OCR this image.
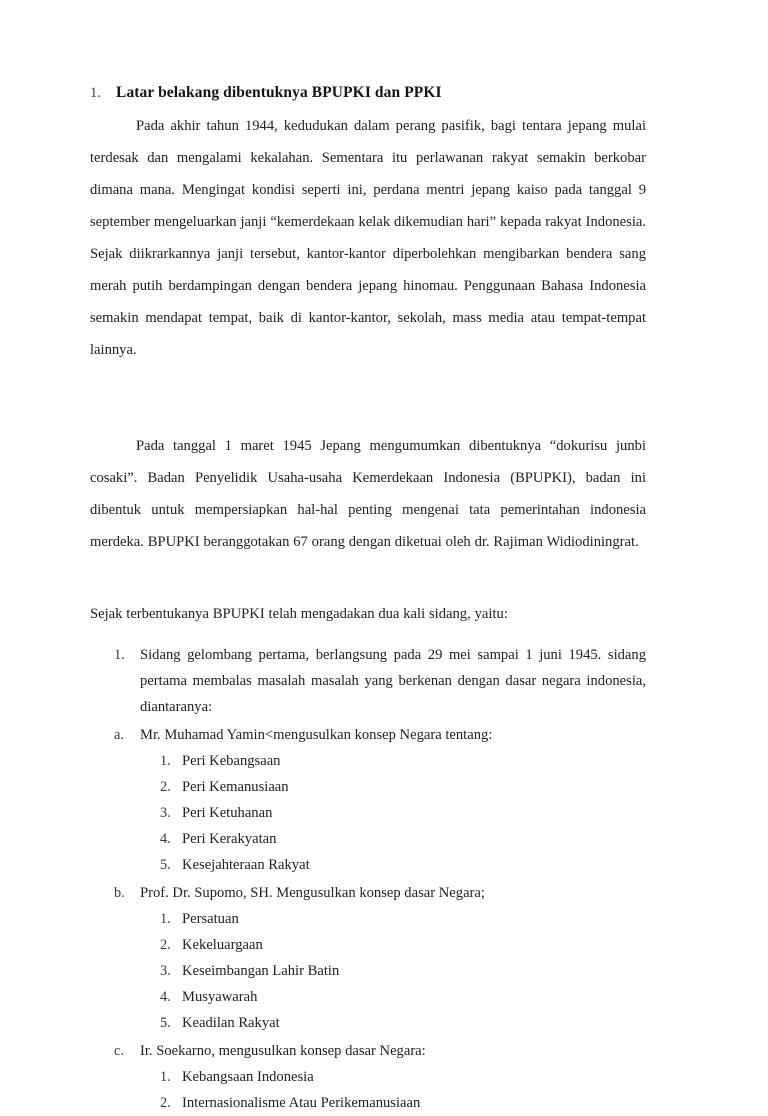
1. Latar belakang dibentuknya BPUPKI dan PPKI

Pada akhir tahun 1944, kedudukan dalam perang pasifik, bagi tentara jepang mulai terdesak dan mengalami kekalahan. Sementara itu perlawanan rakyat semakin berkobar dimana mana. Mengingat kondisi seperti ini, perdana mentri jepang kaiso pada tanggal 9 september mengeluarkan janji “kemerdekaan kelak dikemudian hari” kepada rakyat Indonesia. Sejak diikrarkannya janji tersebut, kantor-kantor diperbolehkan mengibarkan bendera sang merah putih berdampingan dengan bendera jepang hinomau. Penggunaan Bahasa Indonesia semakin mendapat tempat, baik di kantor-kantor, sekolah, mass media atau tempat-tempat lainnya.

Pada tanggal 1 maret 1945 Jepang mengumumkan dibentuknya “dokurisu junbi cosaki”. Badan Penyelidik Usaha-usaha Kemerdekaan Indonesia (BPUPKI), badan ini dibentuk untuk mempersiapkan hal-hal penting mengenai tata pemerintahan indonesia merdeka. BPUPKI beranggotakan 67 orang dengan diketuai oleh dr. Rajiman Widiodiningrat.

Sejak terbentukanya BPUPKI telah mengadakan dua kali sidang, yaitu:

1.	Sidang gelombang pertama, berlangsung pada 29 mei sampai 1 juni 1945. sidang pertama membalas masalah masalah yang berkenan dengan dasar negara indonesia, diantaranya:
a.	Mr. Muhamad Yamin<mengusulkan konsep Negara tentang:
1. Peri Kebangsaan
2. Peri Kemanusiaan
3. Peri Ketuhanan
4. Peri Kerakyatan
5. Kesejahteraan Rakyat
b.	Prof. Dr. Supomo, SH. Mengusulkan konsep dasar Negara;
1. Persatuan
2. Kekeluargaan
3. Keseimbangan Lahir Batin
4. Musyawarah
5. Keadilan Rakyat
c.	Ir. Soekarno, mengusulkan konsep dasar Negara:
1. Kebangsaan Indonesia
2. Internasionalisme Atau Perikemanusiaan
